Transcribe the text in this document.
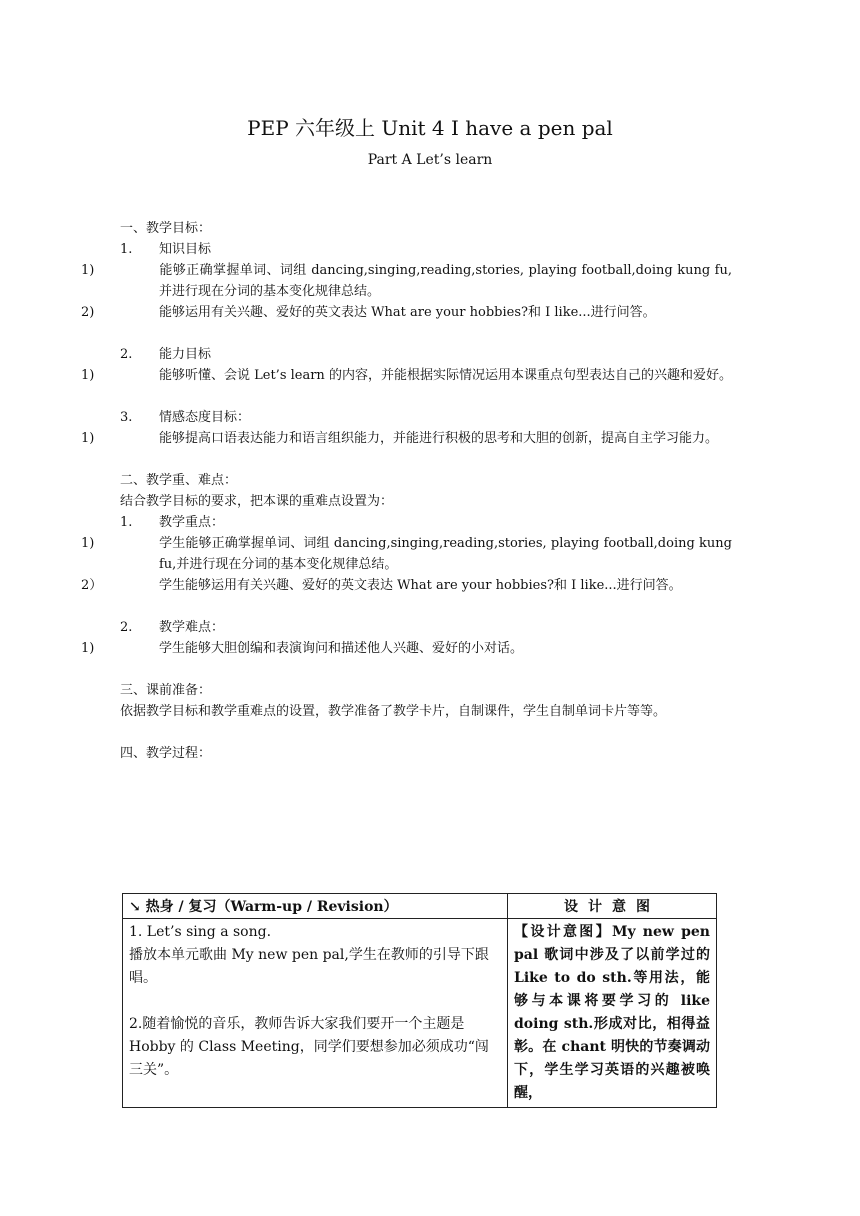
PEP 六年级上 Unit 4 I have a pen pal
Part A Let’s learn
一、教学目标：
1. 知识目标
1)	能够正确掌握单词、词组 dancing,singing,reading,stories, playing football,doing kung fu,并进行现在分词的基本变化规律总结。
2)	能够运用有关兴趣、爱好的英文表达 What are your hobbies?和 I like...进行问答。
2. 能力目标
1)	能够听懂、会说 Let’s learn 的内容，并能根据实际情况运用本课重点句型表达自己的兴趣和爱好。
3. 情感态度目标：
1)	能够提高口语表达能力和语言组织能力，并能进行积极的思考和大胆的创新，提高自主学习能力。
二、教学重、难点：
结合教学目标的要求，把本课的重难点设置为：
1. 教学重点：
1)	学生能够正确掌握单词、词组 dancing,singing,reading,stories, playing football,doing kung fu,并进行现在分词的基本变化规律总结。
2）	学生能够运用有关兴趣、爱好的英文表达 What are your hobbies?和 I like...进行问答。
2. 教学难点：
1)	学生能够大胆创编和表演询问和描述他人兴趣、爱好的小对话。
三、课前准备：
依据教学目标和教学重难点的设置，教学准备了教学卡片，自制课件，学生自制单词卡片等等。
四、教学过程：
↘ 热身 / 复习（Warm-up / Revision）	设计意图

1. Let’s sing a song.

播放本单元歌曲 My new pen pal,学生在教师的引导下跟唱。

2.随着愉悦的音乐，教师告诉大家我们要开一个主题是 Hobby 的 Class Meeting，同学们要想参加必须成功“闯三关”。	【设计意图】My new pen pal 歌词中涉及了以前学过的 Like to do sth.等用法，能够与本课将要学习的 like doing sth.形成对比，相得益彰。在 chant 明快的节奏调动下，学生学习英语的兴趣被唤醒，
